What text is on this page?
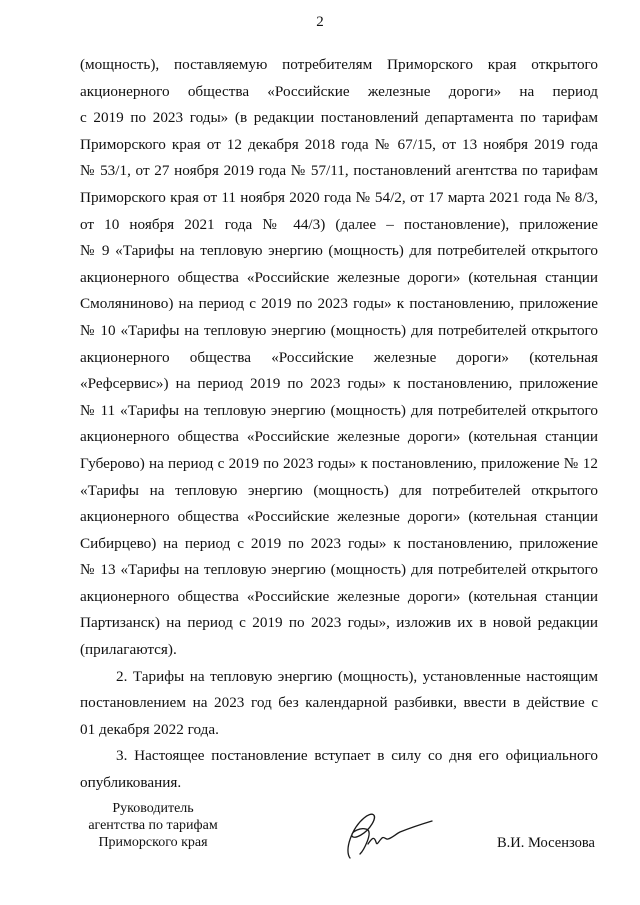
2
(мощность), поставляемую потребителям Приморского края открытого
акционерного общества «Российские железные дороги» на период
с 2019 по 2023 годы» (в редакции постановлений департамента по тарифам
Приморского края от 12 декабря 2018 года № 67/15, от 13 ноября 2019 года
№ 53/1, от 27 ноября 2019 года № 57/11, постановлений агентства по тарифам
Приморского края от 11 ноября 2020 года № 54/2, от 17 марта 2021 года № 8/3,
от 10 ноября 2021 года № 44/3) (далее – постановление), приложение
№ 9 «Тарифы на тепловую энергию (мощность) для потребителей открытого
акционерного общества «Российские железные дороги» (котельная станции
Смоляниново) на период с 2019 по 2023 годы» к постановлению, приложение
№ 10 «Тарифы на тепловую энергию (мощность) для потребителей открытого
акционерного общества «Российские железные дороги» (котельная
«Рефсервис») на период 2019 по 2023 годы» к постановлению, приложение
№ 11 «Тарифы на тепловую энергию (мощность) для потребителей открытого
акционерного общества «Российские железные дороги» (котельная станции
Губерово) на период с 2019 по 2023 годы» к постановлению, приложение № 12
«Тарифы на тепловую энергию (мощность) для потребителей открытого
акционерного общества «Российские железные дороги» (котельная станции
Сибирцево) на период с 2019 по 2023 годы» к постановлению, приложение
№ 13 «Тарифы на тепловую энергию (мощность) для потребителей открытого
акционерного общества «Российские железные дороги» (котельная станции
Партизанск) на период с 2019 по 2023 годы», изложив их в новой редакции
(прилагаются).
2. Тарифы на тепловую энергию (мощность), установленные настоящим
постановлением на 2023 год без календарной разбивки, ввести в действие с
01 декабря 2022 года.
3. Настоящее постановление вступает в силу со дня его официального
опубликования.
Руководитель
агентства по тарифам
Приморского края	В.И. Мосензова
